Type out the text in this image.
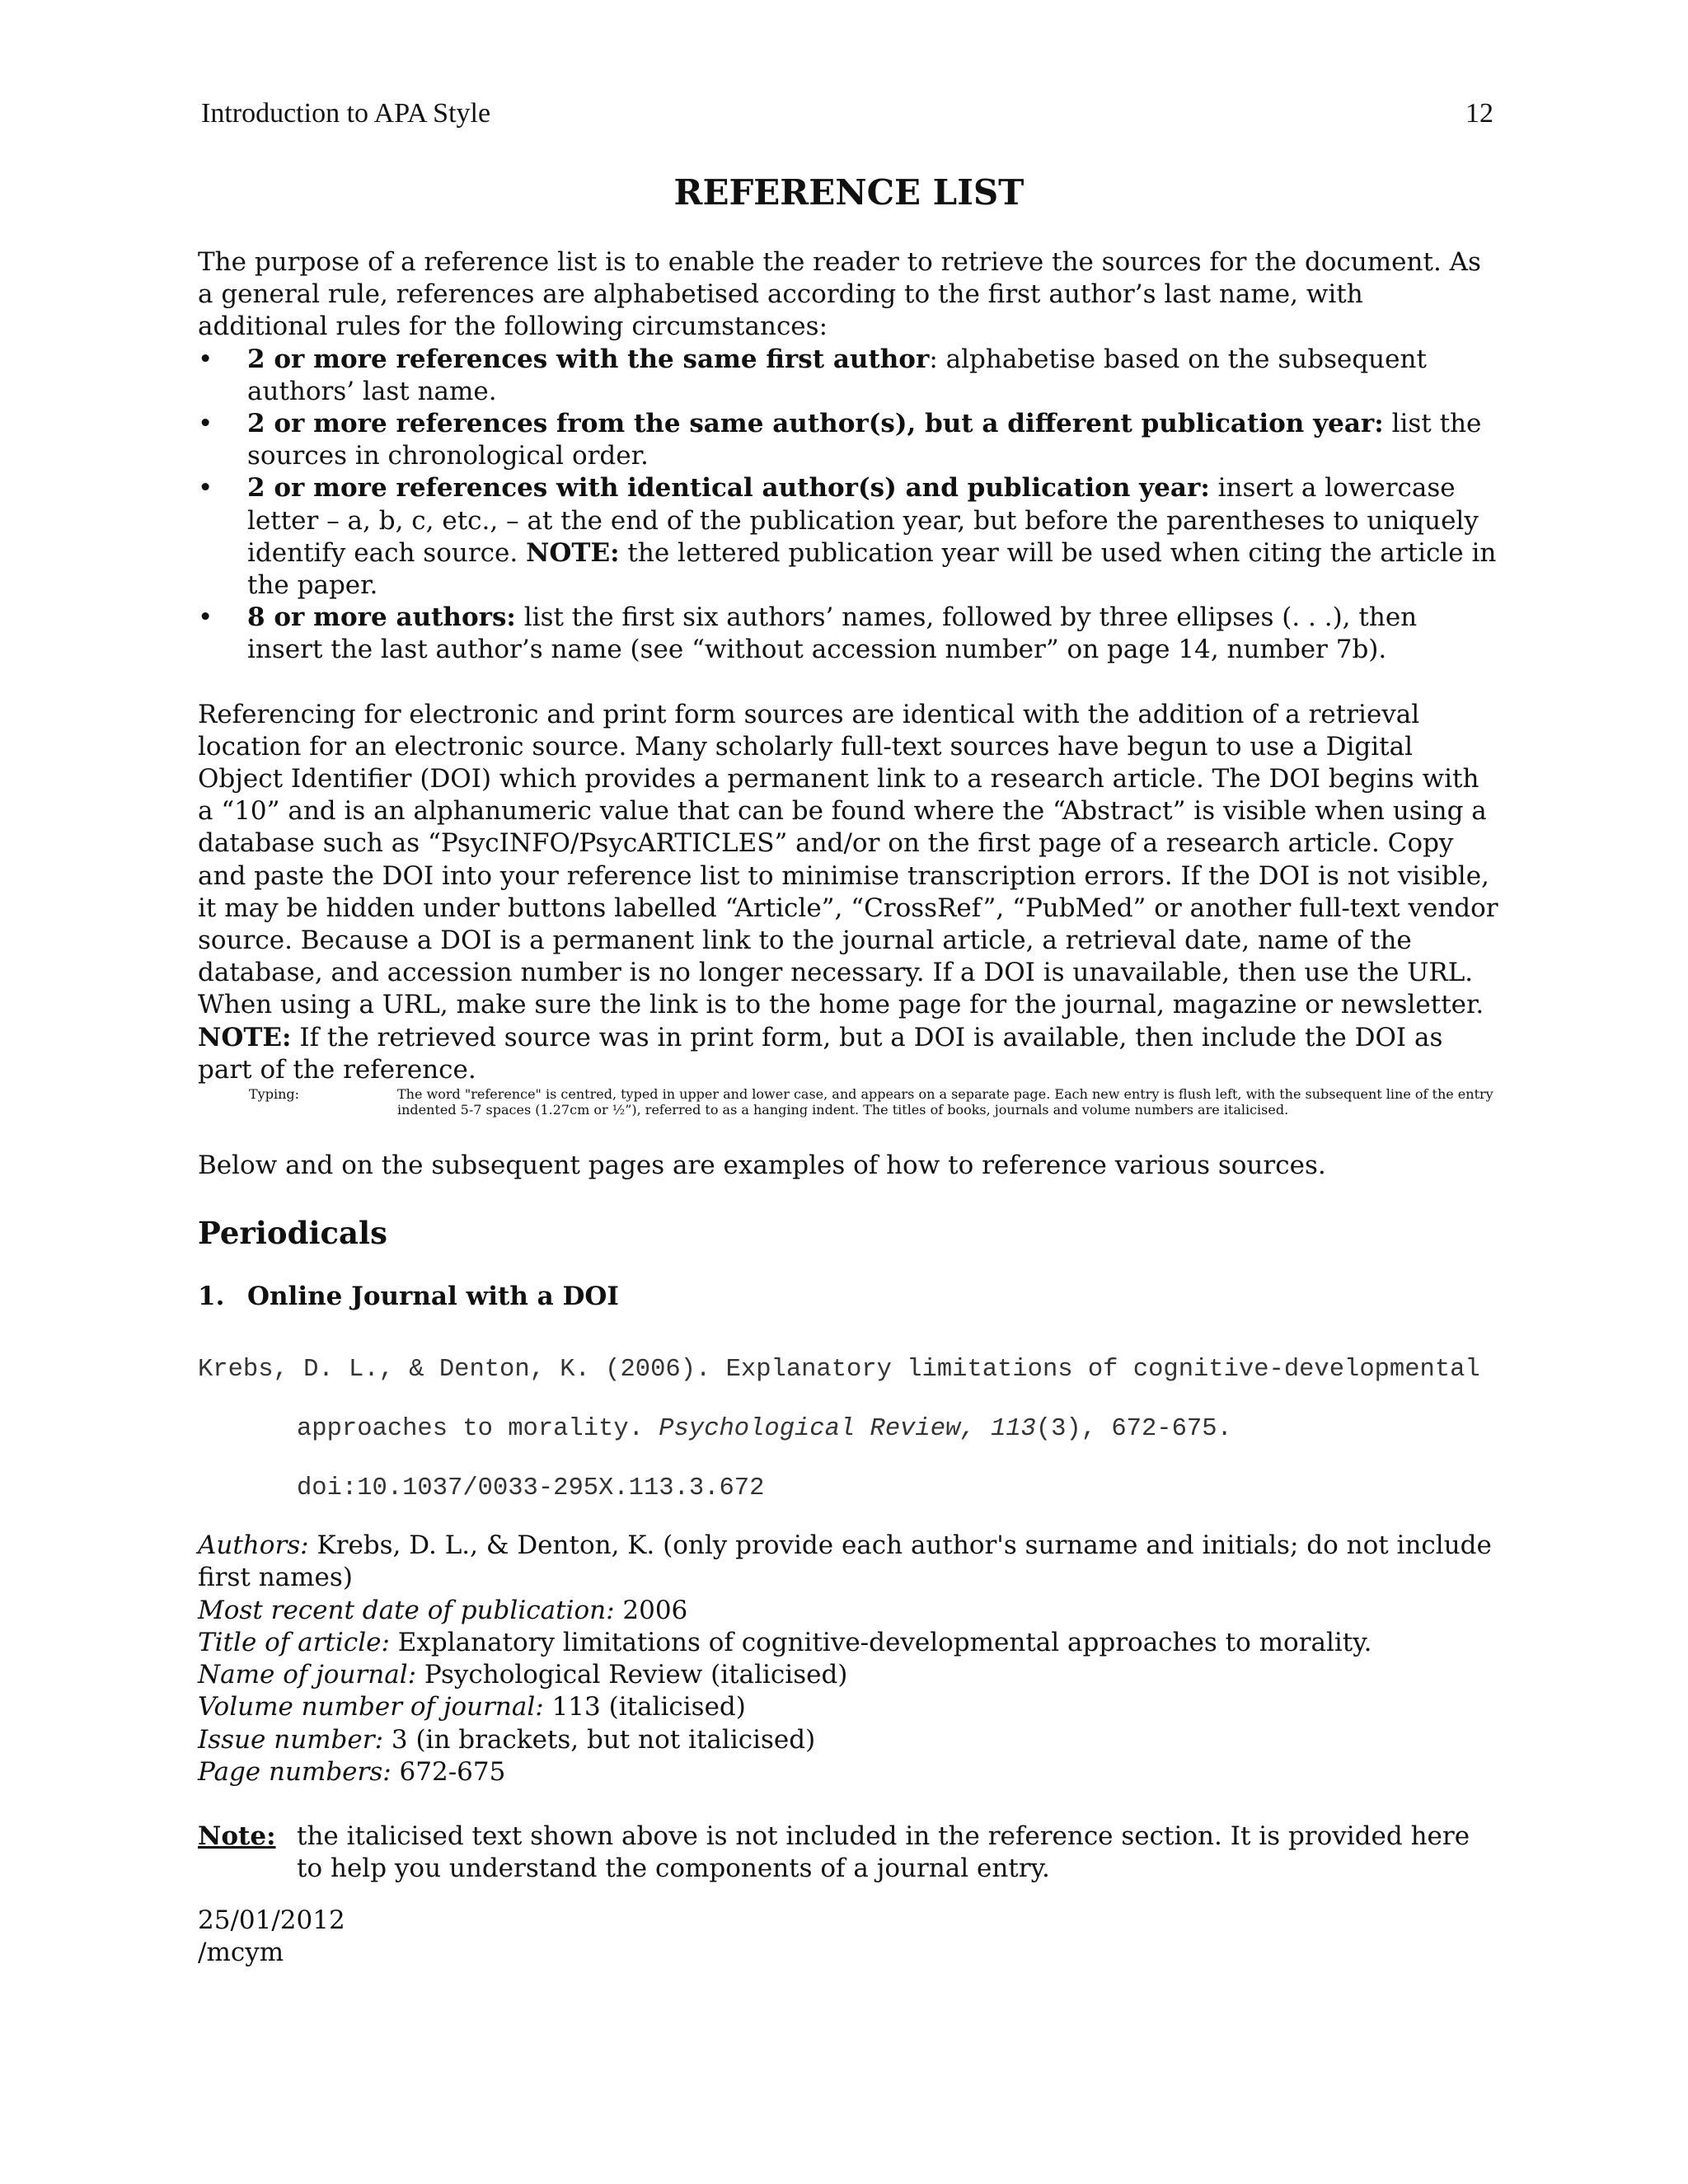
Introduction to APA Style	12
REFERENCE LIST

The purpose of a reference list is to enable the reader to retrieve the sources for the document. As a general rule, references are alphabetised according to the first author’s last name, with additional rules for the following circumstances:

• 2 or more references with the same first author: alphabetise based on the subsequent authors’ last name.
• 2 or more references from the same author(s), but a different publication year: list the sources in chronological order.
• 2 or more references with identical author(s) and publication year: insert a lowercase letter – a, b, c, etc., – at the end of the publication year, but before the parentheses to uniquely identify each source. NOTE: the lettered publication year will be used when citing the article in the paper.
• 8 or more authors: list the first six authors’ names, followed by three ellipses (. . .), then insert the last author’s name (see “without accession number” on page 14, number 7b).

Referencing for electronic and print form sources are identical with the addition of a retrieval location for an electronic source. Many scholarly full-text sources have begun to use a Digital Object Identifier (DOI) which provides a permanent link to a research article. The DOI begins with a “10” and is an alphanumeric value that can be found where the “Abstract” is visible when using a database such as “PsycINFO/PsycARTICLES” and/or on the first page of a research article. Copy and paste the DOI into your reference list to minimise transcription errors. If the DOI is not visible, it may be hidden under buttons labelled “Article”, “CrossRef”, “PubMed” or another full-text vendor source. Because a DOI is a permanent link to the journal article, a retrieval date, name of the database, and accession number is no longer necessary. If a DOI is unavailable, then use the URL. When using a URL, make sure the link is to the home page for the journal, magazine or newsletter. NOTE: If the retrieved source was in print form, but a DOI is available, then include the DOI as part of the reference.

Typing:	The word "reference" is centred, typed in upper and lower case, and appears on a separate page. Each new entry is flush left, with the subsequent line of the entry indented 5-7 spaces (1.27cm or ½”), referred to as a hanging indent. The titles of books, journals and volume numbers are italicised.

Below and on the subsequent pages are examples of how to reference various sources.

Periodicals
1. Online Journal with a DOI
Krebs, D. L., & Denton, K. (2006). Explanatory limitations of cognitive-developmental approaches to morality. Psychological Review, 113(3), 672-675. doi:10.1037/0033-295X.113.3.672

Authors: Krebs, D. L., & Denton, K. (only provide each author's surname and initials; do not include first names)

Most recent date of publication: 2006

Title of article: Explanatory limitations of cognitive-developmental approaches to morality.

Name of journal: Psychological Review (italicised)

Volume number of journal: 113 (italicised)

Issue number: 3 (in brackets, but not italicised)

Page numbers: 672-675

Note: the italicised text shown above is not included in the reference section. It is provided here to help you understand the components of a journal entry.

25/01/2012
/mcym
